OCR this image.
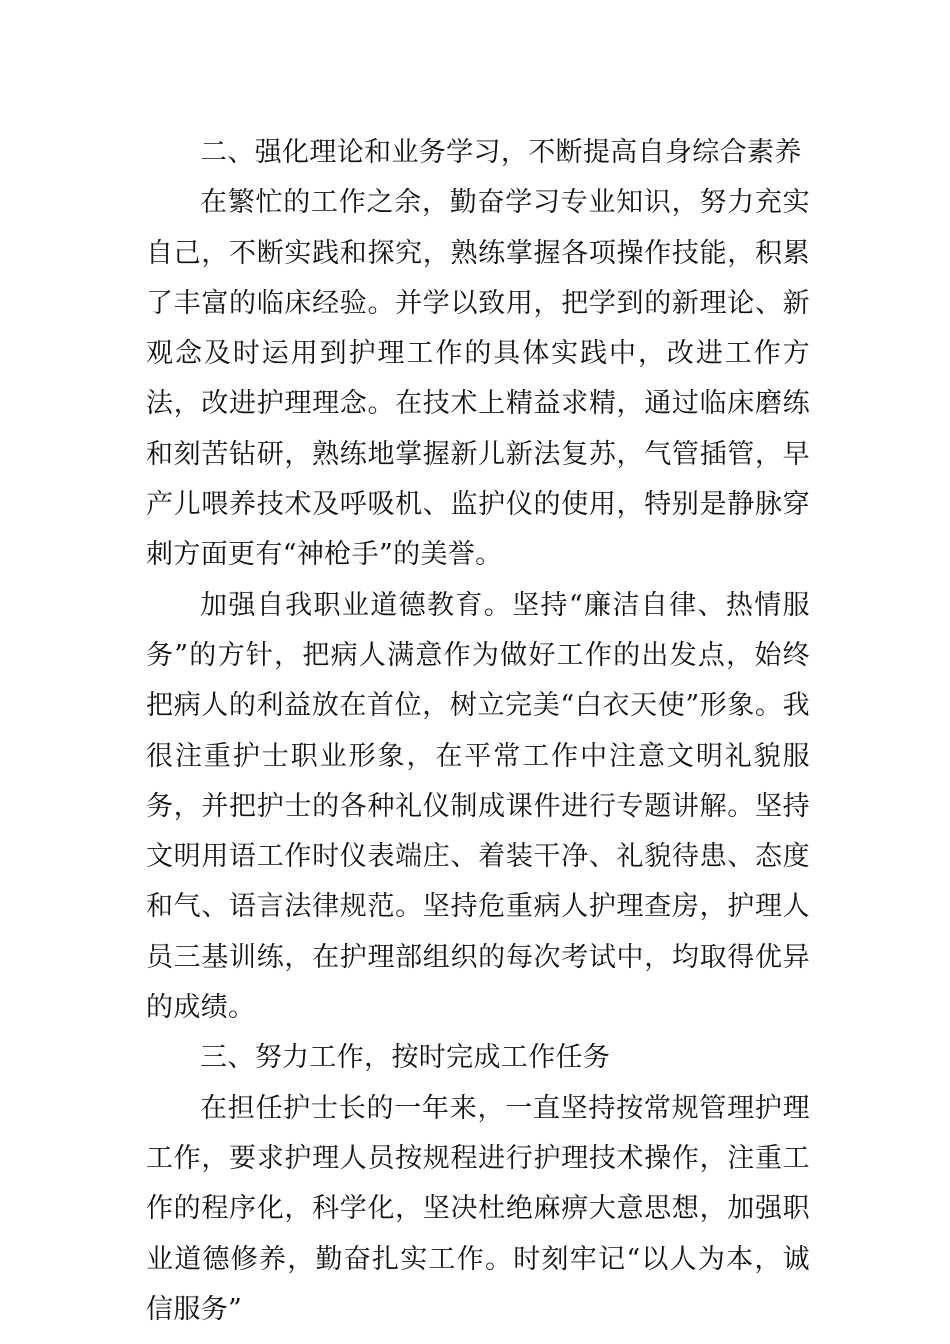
二、强化理论和业务学习，不断提高自身综合素养

在繁忙的工作之余，勤奋学习专业知识，努力充实自己，不断实践和探究，熟练掌握各项操作技能，积累了丰富的临床经验。并学以致用，把学到的新理论、新观念及时运用到护理工作的具体实践中，改进工作方法，改进护理理念。在技术上精益求精，通过临床磨练和刻苦钻研，熟练地掌握新儿新法复苏，气管插管，早产儿喂养技术及呼吸机、监护仪的使用，特别是静脉穿刺方面更有“神枪手”的美誉。

加强自我职业道德教育。坚持“廉洁自律、热情服务”的方针，把病人满意作为做好工作的出发点，始终把病人的利益放在首位，树立完美“白衣天使”形象。我很注重护士职业形象，在平常工作中注意文明礼貌服务，并把护士的各种礼仪制成课件进行专题讲解。坚持文明用语工作时仪表端庄、着装干净、礼貌待患、态度和气、语言法律规范。坚持危重病人护理查房，护理人员三基训练，在护理部组织的每次考试中，均取得优异的成绩。

三、努力工作，按时完成工作任务

在担任护士长的一年来，一直坚持按常规管理护理工作，要求护理人员按规程进行护理技术操作，注重工作的程序化，科学化，坚决杜绝麻痹大意思想，加强职业道德修养，勤奋扎实工作。时刻牢记“以人为本，诚信服务”
